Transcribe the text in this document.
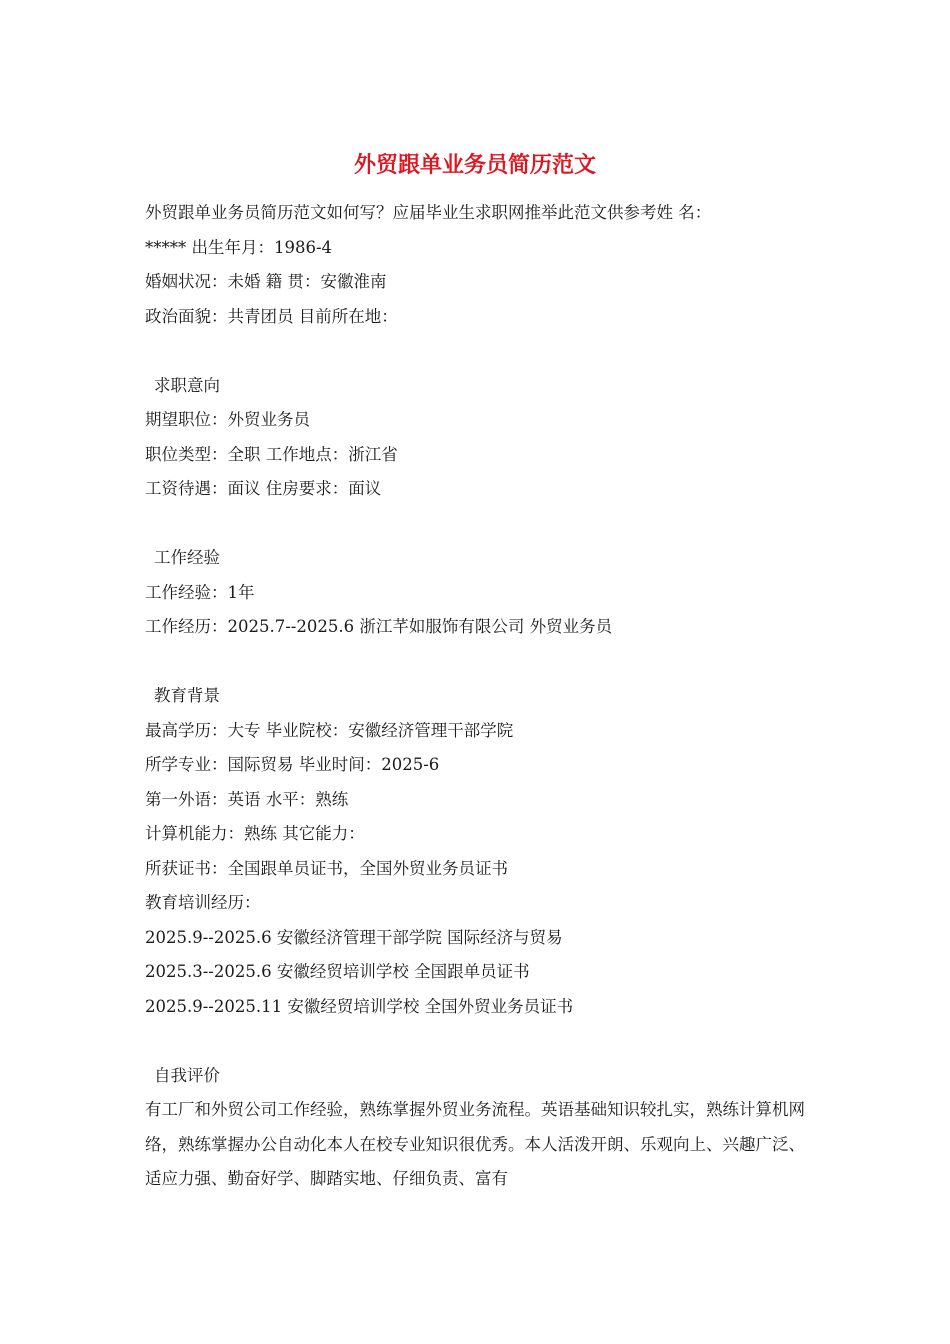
外贸跟单业务员简历范文
外贸跟单业务员简历范文如何写？应届毕业生求职网推举此范文供参考姓 名：
***** 出生年月：1986-4
婚姻状况：未婚 籍 贯：安徽淮南
政治面貌：共青团员 目前所在地：
求职意向
期望职位：外贸业务员
职位类型：全职 工作地点：浙江省
工资待遇：面议 住房要求：面议
工作经验
工作经验：1年
工作经历：2025.7--2025.6 浙江芊如服饰有限公司 外贸业务员
教育背景
最高学历：大专 毕业院校：安徽经济管理干部学院
所学专业：国际贸易 毕业时间：2025-6
第一外语：英语 水平：熟练
计算机能力：熟练 其它能力：
所获证书：全国跟单员证书，全国外贸业务员证书
教育培训经历：
2025.9--2025.6 安徽经济管理干部学院 国际经济与贸易
2025.3--2025.6 安徽经贸培训学校 全国跟单员证书
2025.9--2025.11 安徽经贸培训学校 全国外贸业务员证书
自我评价
有工厂和外贸公司工作经验，熟练掌握外贸业务流程。英语基础知识较扎实，熟练计算机网络，熟练掌握办公自动化本人在校专业知识很优秀。本人活泼开朗、乐观向上、兴趣广泛、适应力强、勤奋好学、脚踏实地、仔细负责、富有
